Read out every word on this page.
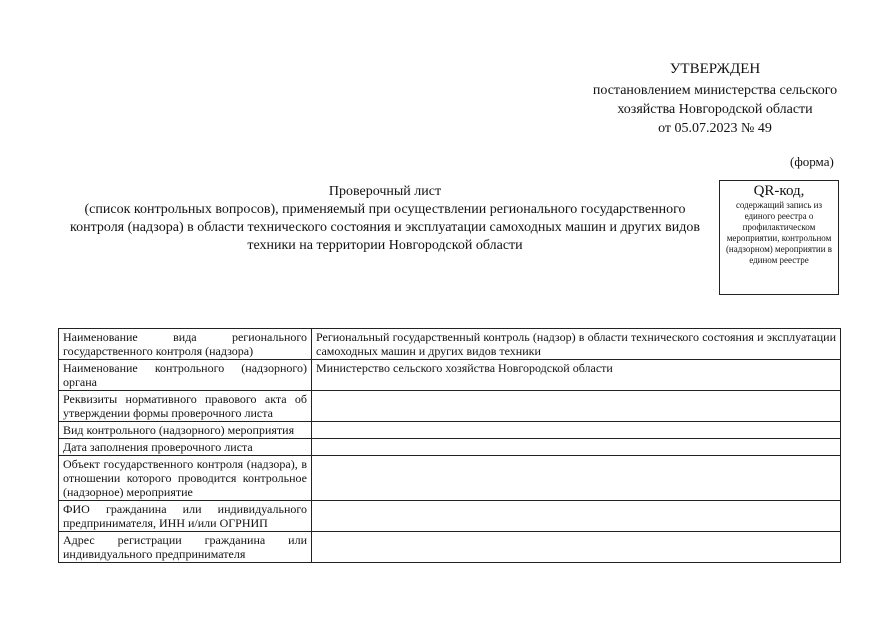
УТВЕРЖДЕН
постановлением министерства сельского
хозяйства Новгородской области
от 05.07.2023 № 49
(форма)
Проверочный лист
(список контрольных вопросов), применяемый при осуществлении регионального государственного контроля (надзора) в области технического состояния и эксплуатации самоходных машин и других видов техники на территории Новгородской области
QR-код,
содержащий запись из единого реестра о профилактическом мероприятии, контрольном (надзорном) мероприятии в едином реестре
Наименование вида регионального государственного контроля (надзора)	Региональный государственный контроль (надзор) в области технического состояния и эксплуатации самоходных машин и других видов техники
Наименование контрольного (надзорного) органа	Министерство сельского хозяйства Новгородской области
Реквизиты нормативного правового акта об утверждении формы проверочного листа	
Вид контрольного (надзорного) мероприятия	
Дата заполнения проверочного листа	
Объект государственного контроля (надзора), в отношении которого проводится контрольное (надзорное) мероприятие	
ФИО гражданина или индивидуального предпринимателя, ИНН и/или ОГРНИП	
Адрес регистрации гражданина или индивидуального предпринимателя	
